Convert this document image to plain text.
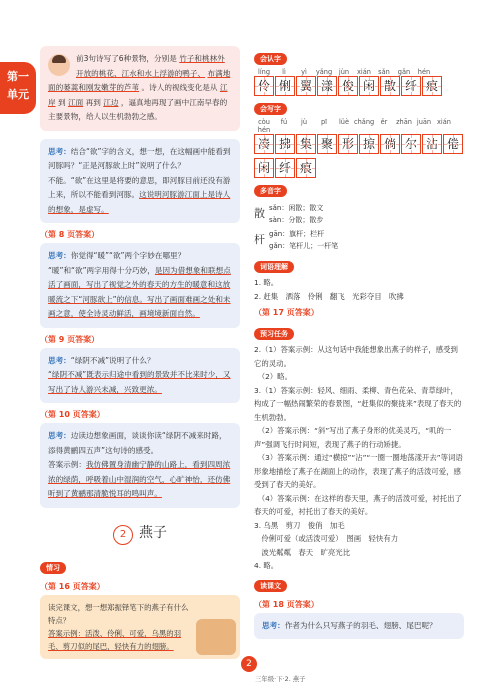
第一
单元
前3句诗写了6种景物，分别是 竹子和桃林外开放的桃花、江水和水上浮游的鸭子、 布满地面的蒌蒿和刚发嫩芽的芦苇 。诗人的视线变化是从 江岸 到 江面 再到 江边 ，逼真地再现了画中江南早春的主要景物，给人以生机勃勃之感。
思考：结合“欲”字的含义，想一想，在这幅画中能看到河豚吗？“正是河豚欲上时”说明了什么？
不能。“欲”在这里是将要的意思，即河豚目前还没有游上来，所以不能看到河豚。这说明河豚游江面上是诗人的想象，是虚写。
（第 8 页答案）
思考：你觉得“暖”“欲”两个字妙在哪里？
“暖”和“欲”两字用得十分巧妙，是因为借想象和联想点活了画面，写出了视觉之外的春天的方生的暖意和这放暖流之下“河豚欲上”的信息。写出了画面难画之处和未画之意，使全诗灵动鲜活，画境境新面自然。
（第 9 页答案）
思考：“绿阴不减”说明了什么？
“绿阴不减”既表示归途中看到的景致并不比来时少，又写出了诗人游兴未减，兴致更浓。
（第 10 页答案）
思考：边读边想象画面，谈谈你读“绿阴不减来时路，添得黄鹂四五声”这句诗的感受。
答案示例：我仿佛置身清幽宁静的山路上，看到四周浓浓的绿荫，呼吸着山中湿润的空气，心旷神怡，还仿佛听到了黄鹂那清脆悦耳的鸣叫声。
2 燕子
情习
（第 16 页答案）
读完课文，想一想郑振铎笔下的燕子有什么特点？
答案示例：活泼、伶俐、可爱，乌黑的羽毛、剪刀似的尾巴，轻快有力的翅膀。
会认字
líng	lì	yì	yǎng	jùn	xián	sǎn	gǎn	hén
伶 俐 翼 漾 俊 闲 散 纤 痕
会写字
còu	fú	jù	pī	lüè chǎng ěr	zhān juān xián
hén
凑 拂 集 聚 形 掠 倘 尔 沾 倦
闲 纤 痕
多音字
散 sǎn：闲散；散文
sàn：分散；散步
杆 gān：旗杆；栏杆
gǎn：笔杆儿；一杆笔
词语理解

1. 略。

2. 赶集　洒落　伶俐　翻飞　光彩夺目　吹拂

（第 17 页答案）
预习任务

2.（1）答案示例：从这句话中我能想象出燕子的样子，感受到它的灵动。

　（2）略。

3.（1）答案示例：轻风、细雨、柔柳、青色花朵、青草绿叶，构成了一幅热闹繁荣的春景图，“赶集似的聚拢来”表现了春天的生机勃勃。

　（2）答案示例：“斜”写出了燕子身形的优美灵巧，“叽的一声”强调飞行时间短，表现了燕子的行动矫捷。

　（3）答案示例：通过“横掠”“沾”“一圈一圈地荡漾开去”等词语形象地描绘了燕子在湖面上的动作，表现了燕子的活泼可爱，感受到了春天的美好。

　（4）答案示例：在这样的春天里，燕子的活泼可爱，衬托出了春天的可爱，衬托出了春天的美好。

3. 乌黑　剪刀　俊俏　加毛

　伶俐可爱（或活泼可爱）　图画　轻快有力

　波光粼粼　春天　旷亮光比

4. 略。

读课文
（第 18 页答案）
思考：作者为什么只写燕子的羽毛、翅膀、尾巴呢？
2
三年级·下·2. 燕子
